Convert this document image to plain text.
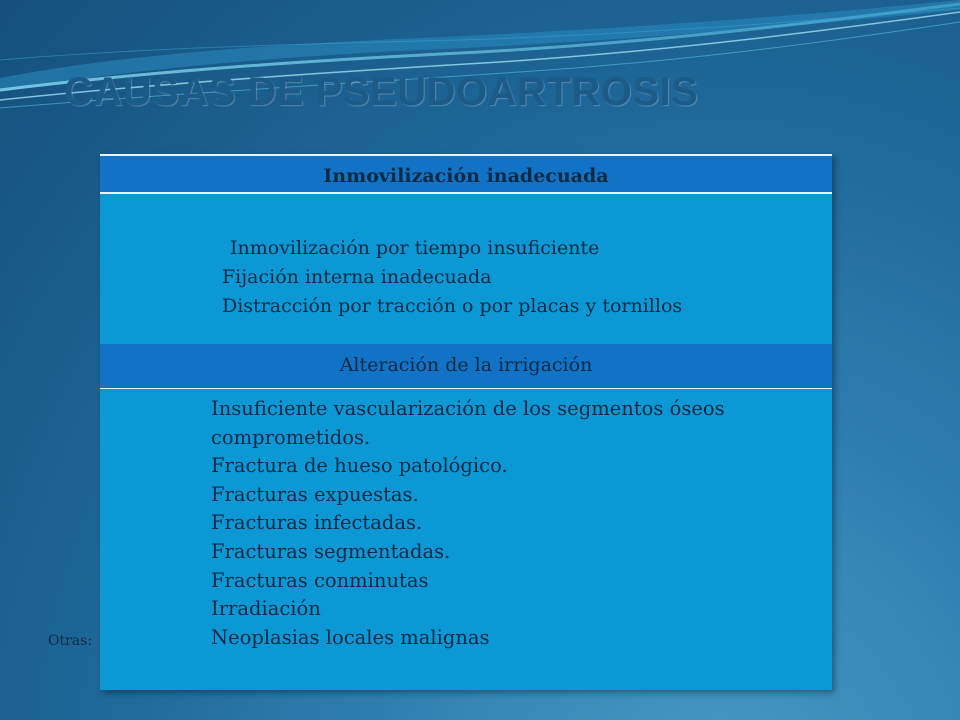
CAUSAS DE PSEUDOARTROSIS
Inmovilización inadecuada
Inmovilización por tiempo insuficiente
Fijación interna inadecuada
Distracción por tracción o por placas y tornillos
Alteración de la irrigación
Insuficiente vascularización de los segmentos óseos
comprometidos.
Fractura de hueso patológico.
Fracturas expuestas.
Fracturas infectadas.
Fracturas segmentadas.
Fracturas conminutas
Irradiación
Neoplasias locales malignas
Otras:
